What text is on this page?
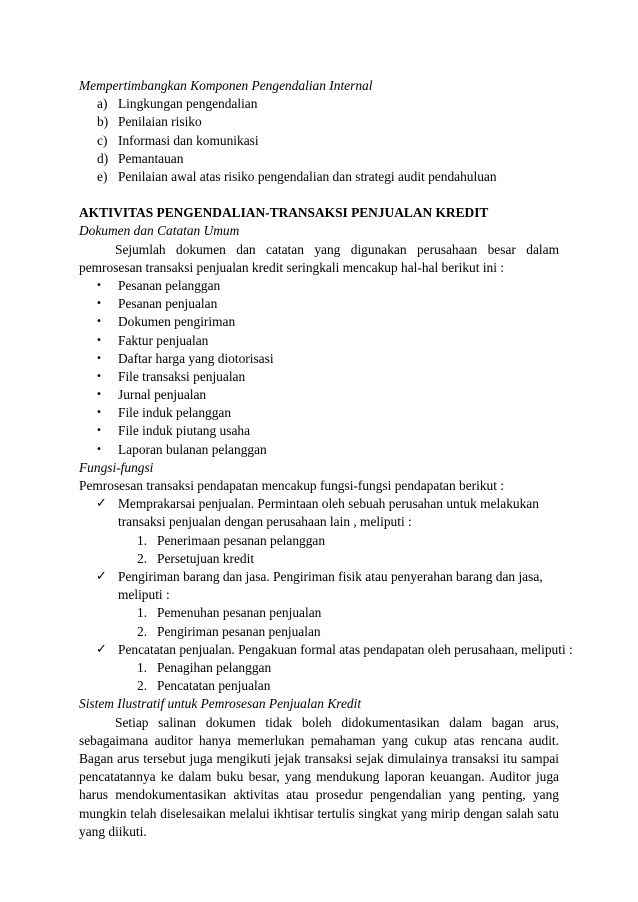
Mempertimbangkan Komponen Pengendalian Internal

a) Lingkungan pengendalian
b) Penilaian risiko
c) Informasi dan komunikasi
d) Pemantauan
e) Penilaian awal atas risiko pengendalian dan strategi audit pendahuluan

AKTIVITAS PENGENDALIAN-TRANSAKSI PENJUALAN KREDIT

Dokumen dan Catatan Umum

Sejumlah dokumen dan catatan yang digunakan perusahaan besar dalam pemrosesan transaksi penjualan kredit seringkali mencakup hal-hal berikut ini :

• Pesanan pelanggan
• Pesanan penjualan
• Dokumen pengiriman
• Faktur penjualan
• Daftar harga yang diotorisasi
• File transaksi penjualan
• Jurnal penjualan
• File induk pelanggan
• File induk piutang usaha
• Laporan bulanan pelanggan

Fungsi-fungsi

Pemrosesan transaksi pendapatan mencakup fungsi-fungsi pendapatan berikut :

✓ Memprakarsai penjualan. Permintaan oleh sebuah perusahan untuk melakukan

transaksi penjualan dengan perusahaan lain , meliputi :

1. Penerimaan pesanan pelanggan
2. Persetujuan kredit
✓ Pengiriman barang dan jasa. Pengiriman fisik atau penyerahan barang dan jasa,

meliputi :

1. Pemenuhan pesanan penjualan
2. Pengiriman pesanan penjualan
✓ Pencatatan penjualan. Pengakuan formal atas pendapatan oleh perusahaan, meliputi :
1. Penagihan pelanggan
2. Pencatatan penjualan

Sistem Ilustratif untuk Pemrosesan Penjualan Kredit

Setiap salinan dokumen tidak boleh didokumentasikan dalam bagan arus, sebagaimana auditor hanya memerlukan pemahaman yang cukup atas rencana audit. Bagan arus tersebut juga mengikuti jejak transaksi sejak dimulainya transaksi itu sampai pencatatannya ke dalam buku besar, yang mendukung laporan keuangan. Auditor juga harus mendokumentasikan aktivitas atau prosedur pengendalian yang penting, yang mungkin telah diselesaikan melalui ikhtisar tertulis singkat yang mirip dengan salah satu yang diikuti.
